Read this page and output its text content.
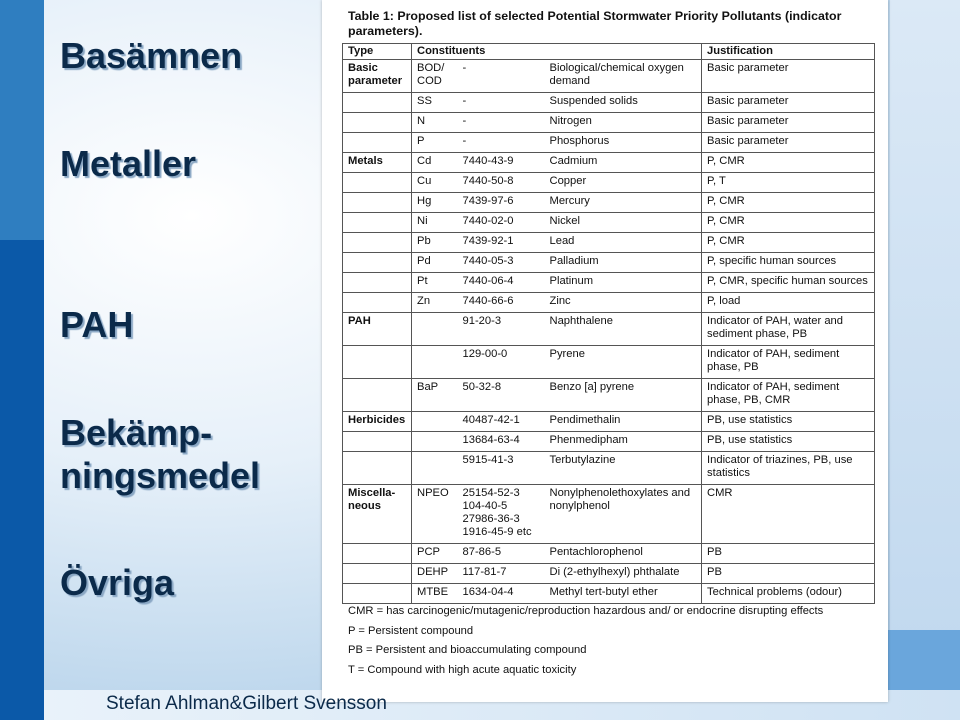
Basämnen
Metaller
PAH
Bekämp-
ningsmedel
Övriga
Table 1: Proposed list of selected Potential Stormwater Priority Pollutants (indicator parameters).
Type	Constituents			Justification
Basic parameter	BOD/ COD	-	Biological/chemical oxygen demand	Basic parameter
	SS	-	Suspended solids	Basic parameter
	N	-	Nitrogen	Basic parameter
	P	-	Phosphorus	Basic parameter
Metals	Cd	7440-43-9	Cadmium	P, CMR
	Cu	7440-50-8	Copper	P, T
	Hg	7439-97-6	Mercury	P, CMR
	Ni	7440-02-0	Nickel	P, CMR
	Pb	7439-92-1	Lead	P, CMR
	Pd	7440-05-3	Palladium	P, specific human sources
	Pt	7440-06-4	Platinum	P, CMR, specific human sources
	Zn	7440-66-6	Zinc	P, load
PAH		91-20-3	Naphthalene	Indicator of PAH, water and sediment phase, PB
		129-00-0	Pyrene	Indicator of PAH, sediment phase, PB
	BaP	50-32-8	Benzo [a] pyrene	Indicator of PAH, sediment phase, PB, CMR
Herbicides		40487-42-1	Pendimethalin	PB, use statistics
		13684-63-4	Phenmedipham	PB, use statistics
		5915-41-3	Terbutylazine	Indicator of triazines, PB, use statistics
Miscella- neous	NPEO	25154-52-3 104-40-5 27986-36-3 1916-45-9 etc	Nonylphenolethoxylates and nonylphenol	CMR
	PCP	87-86-5	Pentachlorophenol	PB
	DEHP	117-81-7	Di (2-ethylhexyl) phthalate	PB
	MTBE	1634-04-4	Methyl tert-butyl ether	Technical problems (odour)
CMR = has carcinogenic/mutagenic/reproduction hazardous and/ or endocrine disrupting effects
P = Persistent compound
PB = Persistent and bioaccumulating compound
T = Compound with high acute aquatic toxicity
Stefan Ahlman&Gilbert Svensson
